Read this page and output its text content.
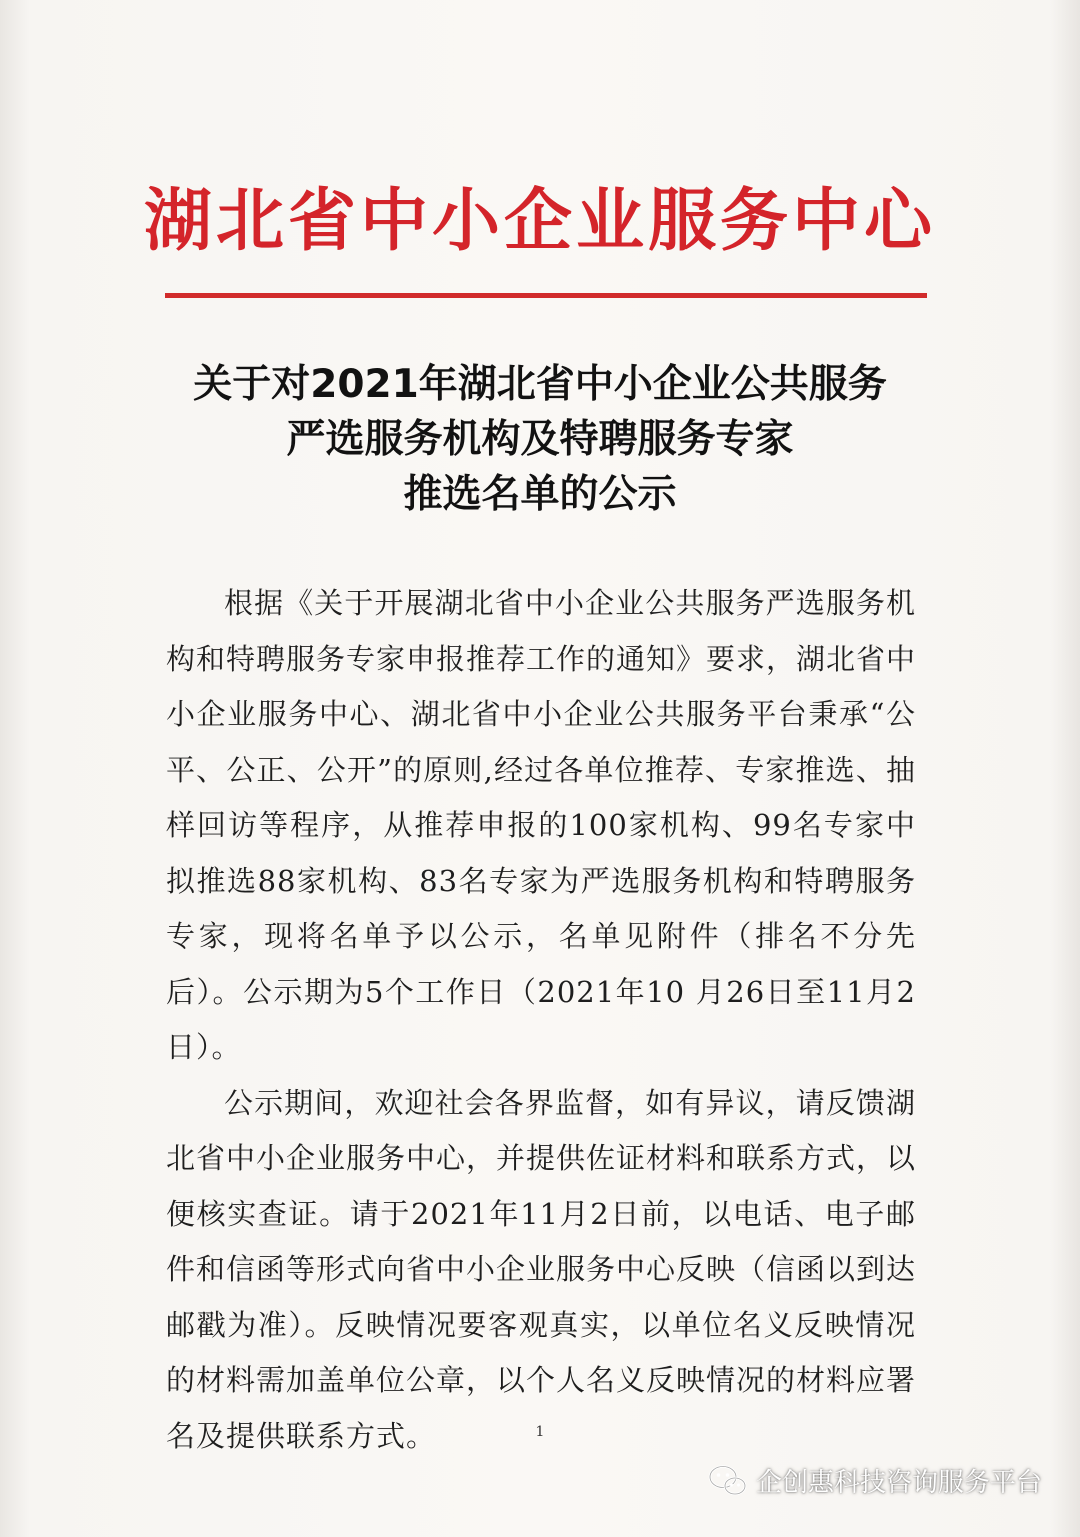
湖北省中小企业服务中心
关于对2021年湖北省中小企业公共服务
严选服务机构及特聘服务专家
推选名单的公示

根据《关于开展湖北省中小企业公共服务严选服务机构和特聘服务专家申报推荐工作的通知》要求，湖北省中小企业服务中心、湖北省中小企业公共服务平台秉承“公平、公正、公开”的原则,经过各单位推荐、专家推选、抽样回访等程序，从推荐申报的100家机构、99名专家中拟推选88家机构、83名专家为严选服务机构和特聘服务专家，现将名单予以公示，名单见附件（排名不分先后）。公示期为5个工作日（2021年10 月26日至11月2日）。

公示期间，欢迎社会各界监督，如有异议，请反馈湖北省中小企业服务中心，并提供佐证材料和联系方式，以便核实查证。请于2021年11月2日前，以电话、电子邮件和信函等形式向省中小企业服务中心反映（信函以到达邮戳为准）。反映情况要客观真实，以单位名义反映情况的材料需加盖单位公章，以个人名义反映情况的材料应署名及提供联系方式。	1
企创惠科技咨询服务平台
